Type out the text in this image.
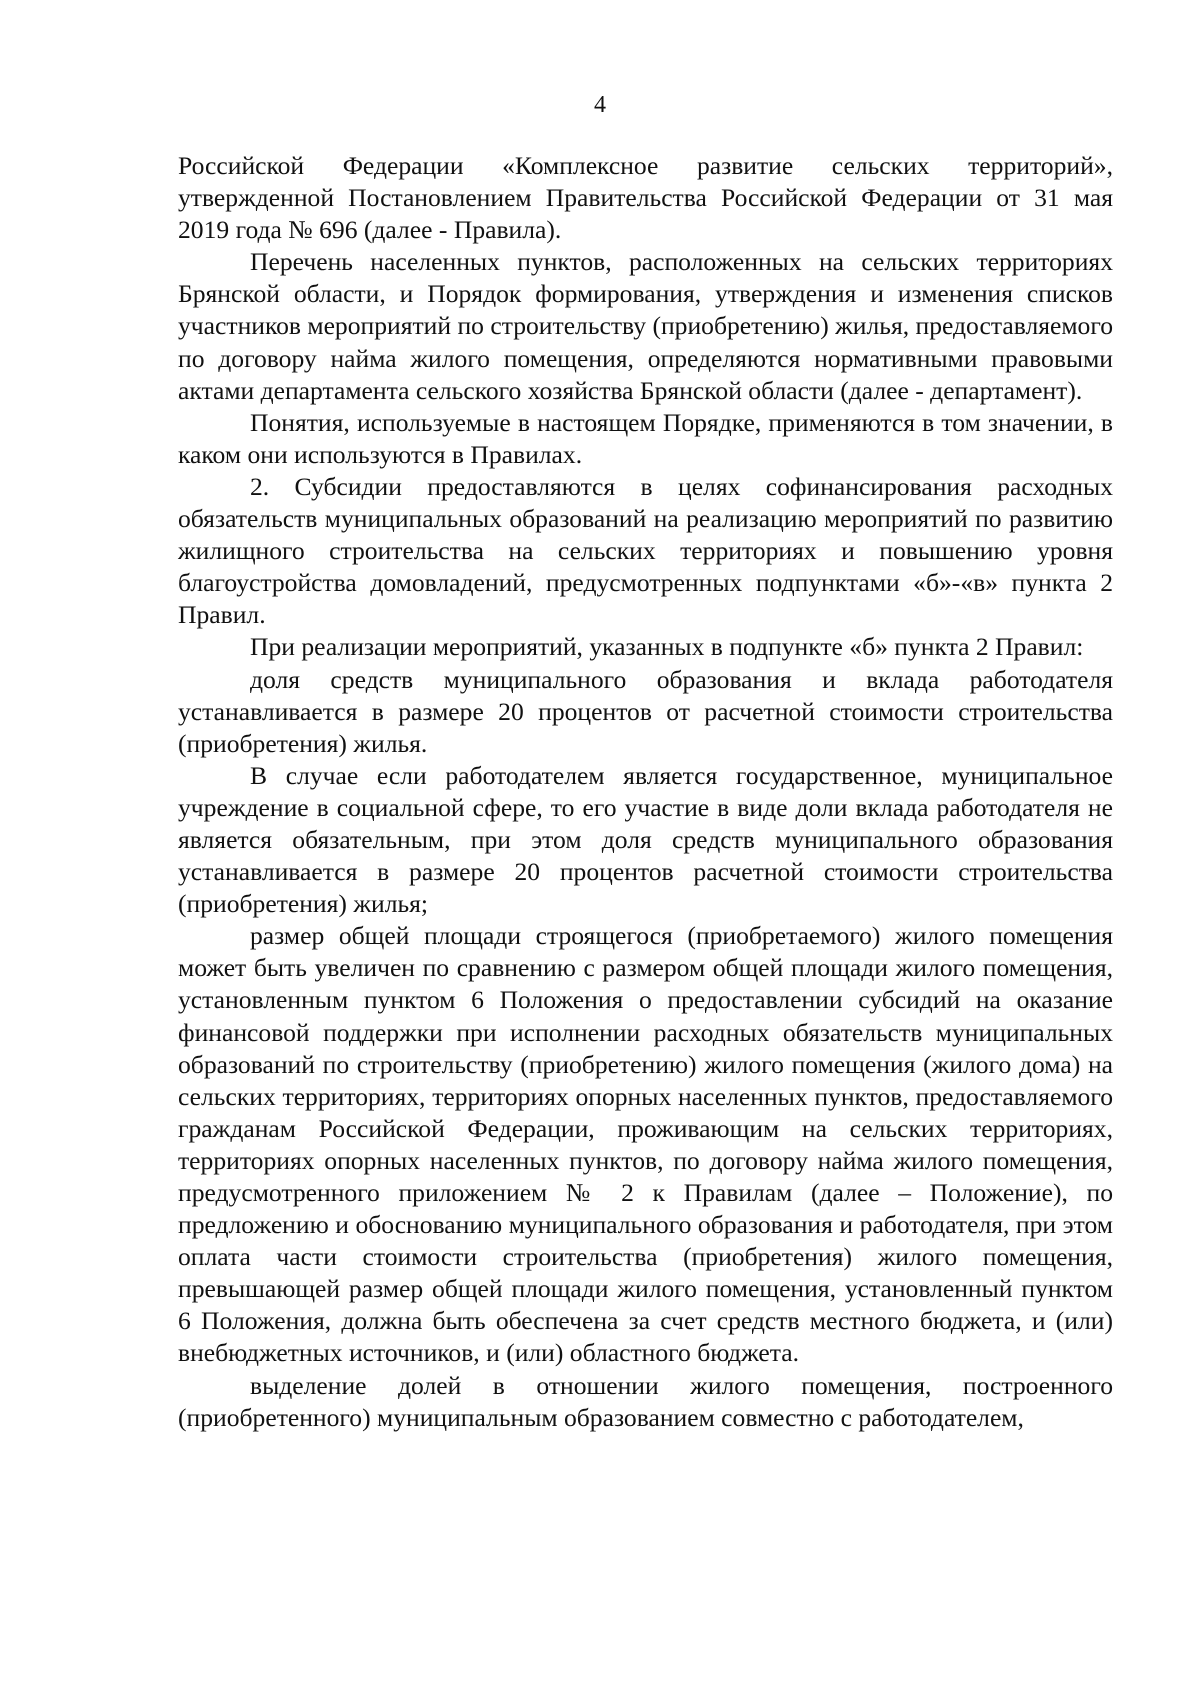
4

Российской Федерации «Комплексное развитие сельских территорий», утвержденной Постановлением Правительства Российской Федерации от 31 мая 2019 года № 696 (далее - Правила).

Перечень населенных пунктов, расположенных на сельских территориях Брянской области, и Порядок формирования, утверждения и изменения списков участников мероприятий по строительству (приобретению) жилья, предоставляемого по договору найма жилого помещения, определяются нормативными правовыми актами департамента сельского хозяйства Брянской области (далее - департамент).

Понятия, используемые в настоящем Порядке, применяются в том значении, в каком они используются в Правилах.

2. Субсидии предоставляются в целях софинансирования расходных обязательств муниципальных образований на реализацию мероприятий по развитию жилищного строительства на сельских территориях и повышению уровня благоустройства домовладений, предусмотренных подпунктами «б»-«в» пункта 2 Правил.

При реализации мероприятий, указанных в подпункте «б» пункта 2 Правил:

доля средств муниципального образования и вклада работодателя устанавливается в размере 20 процентов от расчетной стоимости строительства (приобретения) жилья.

В случае если работодателем является государственное, муниципальное учреждение в социальной сфере, то его участие в виде доли вклада работодателя не является обязательным, при этом доля средств муниципального образования устанавливается в размере 20 процентов расчетной стоимости строительства (приобретения) жилья;

размер общей площади строящегося (приобретаемого) жилого помещения может быть увеличен по сравнению с размером общей площади жилого помещения, установленным пунктом 6 Положения о предоставлении субсидий на оказание финансовой поддержки при исполнении расходных обязательств муниципальных образований по строительству (приобретению) жилого помещения (жилого дома) на сельских территориях, территориях опорных населенных пунктов, предоставляемого гражданам Российской Федерации, проживающим на сельских территориях, территориях опорных населенных пунктов, по договору найма жилого помещения, предусмотренного приложением № 2 к Правилам (далее – Положение), по предложению и обоснованию муниципального образования и работодателя, при этом оплата части стоимости строительства (приобретения) жилого помещения, превышающей размер общей площади жилого помещения, установленный пунктом 6 Положения, должна быть обеспечена за счет средств местного бюджета, и (или) внебюджетных источников, и (или) областного бюджета.

выделение долей в отношении жилого помещения, построенного (приобретенного) муниципальным образованием совместно с работодателем,
